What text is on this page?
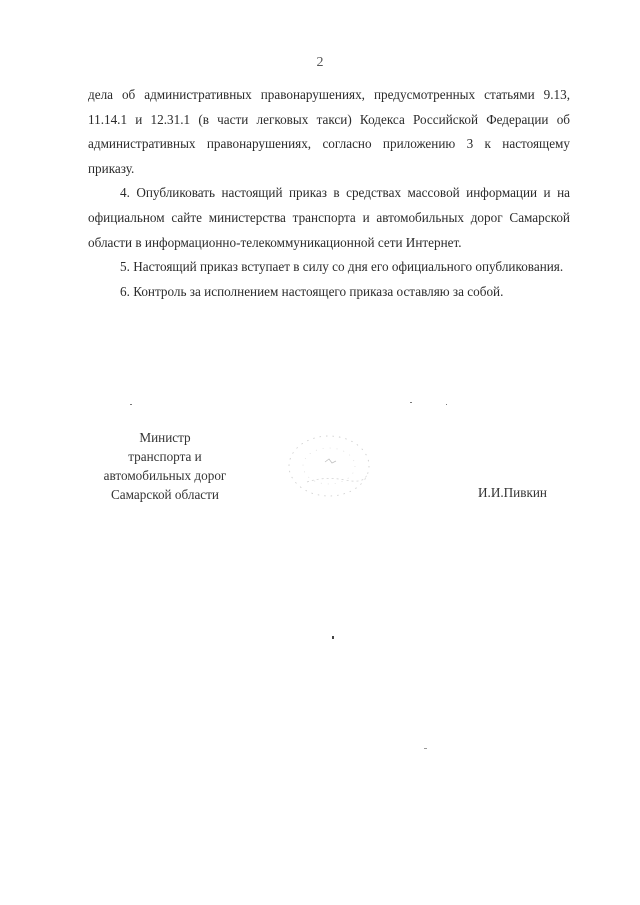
2

дела об административных правонарушениях, предусмотренных статьями 9.13, 11.14.1 и 12.31.1 (в части легковых такси) Кодекса Российской Федерации об административных правонарушениях, согласно приложению 3 к настоящему приказу.

4. Опубликовать настоящий приказ в средствах массовой информации и на официальном сайте министерства транспорта и автомобильных дорог Самарской области в информационно-телекоммуникационной сети Интернет.

5. Настоящий приказ вступает в силу со дня его официального опубликования.

6. Контроль за исполнением настоящего приказа оставляю за собой.

Министр
транспорта и
автомобильных дорог
Самарской области	И.И.Пивкин
